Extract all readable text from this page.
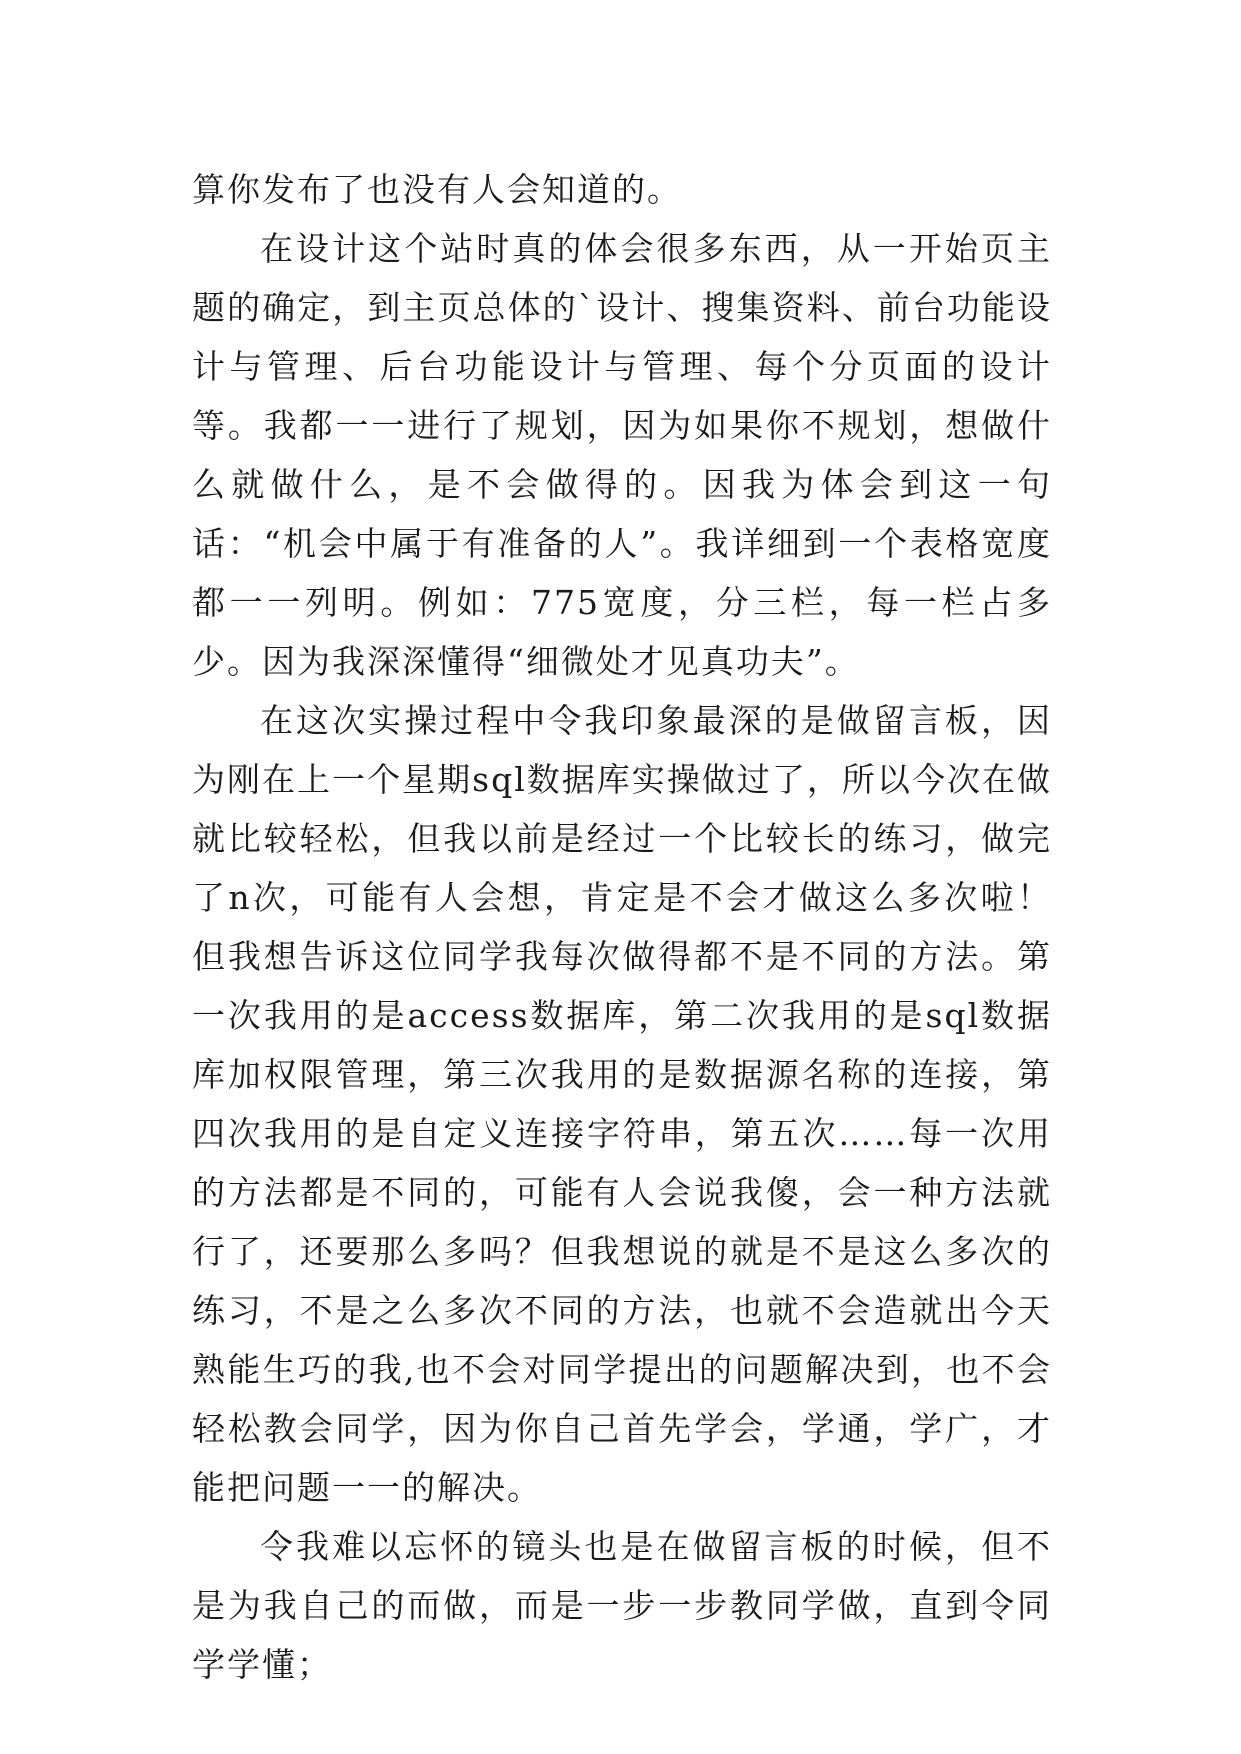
算你发布了也没有人会知道的。

在设计这个站时真的体会很多东西，从一开始页主题的确定，到主页总体的`设计、搜集资料、前台功能设计与管理、后台功能设计与管理、每个分页面的设计等。我都一一进行了规划，因为如果你不规划，想做什么就做什么，是不会做得的。因我为体会到这一句话：“机会中属于有准备的人”。我详细到一个表格宽度都一一列明。例如：775宽度，分三栏，每一栏占多少。因为我深深懂得“细微处才见真功夫”。

在这次实操过程中令我印象最深的是做留言板，因为刚在上一个星期sql数据库实操做过了，所以今次在做就比较轻松，但我以前是经过一个比较长的练习，做完了n次，可能有人会想，肯定是不会才做这么多次啦！但我想告诉这位同学我每次做得都不是不同的方法。第一次我用的是access数据库，第二次我用的是sql数据库加权限管理，第三次我用的是数据源名称的连接，第四次我用的是自定义连接字符串，第五次……每一次用的方法都是不同的，可能有人会说我傻，会一种方法就行了，还要那么多吗？但我想说的就是不是这么多次的练习，不是之么多次不同的方法，也就不会造就出今天熟能生巧的我,也不会对同学提出的问题解决到，也不会轻松教会同学，因为你自己首先学会，学通，学广，才能把问题一一的解决。

令我难以忘怀的镜头也是在做留言板的时候，但不是为我自己的而做，而是一步一步教同学做，直到令同学学懂；
